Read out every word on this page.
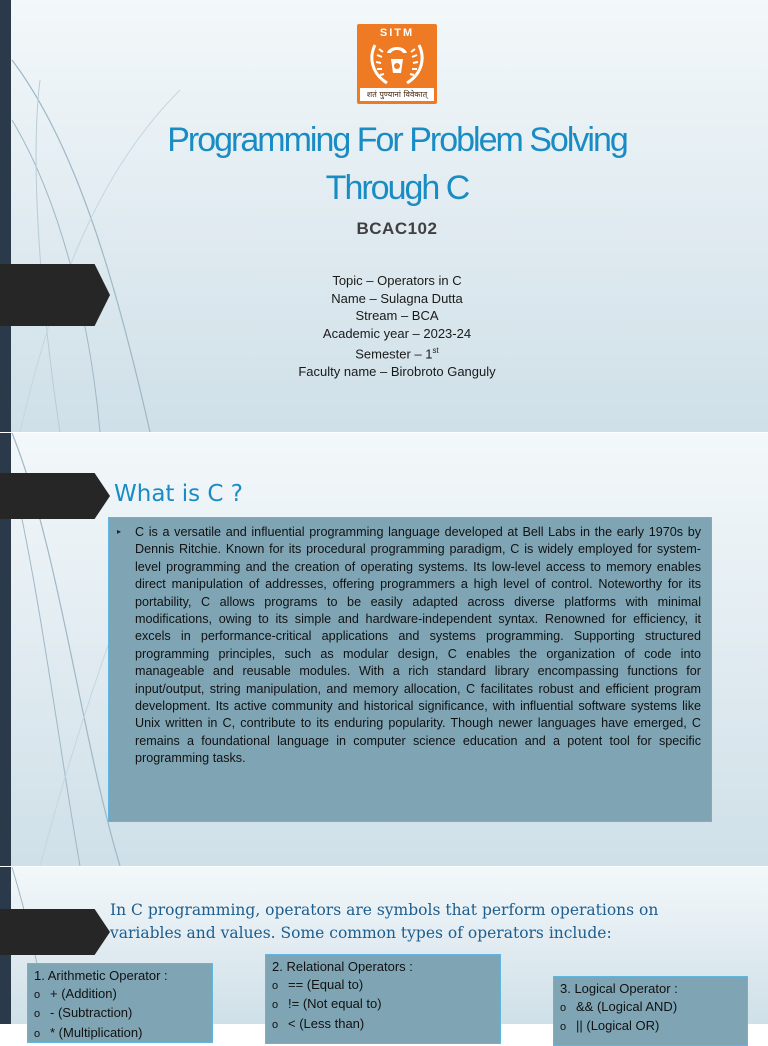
SITM
शतं पुण्यानां विवेकात्
Programming For Problem Solving
Through C
BCAC102
Topic – Operators in C
Name – Sulagna Dutta
Stream – BCA
Academic year – 2023-24
Semester – 1st
Faculty name – Birobroto Ganguly
What is C ?
▸ C is a versatile and influential programming language developed at Bell Labs in the early 1970s by Dennis Ritchie. Known for its procedural programming paradigm, C is widely employed for system-level programming and the creation of operating systems. Its low-level access to memory enables direct manipulation of addresses, offering programmers a high level of control. Noteworthy for its portability, C allows programs to be easily adapted across diverse platforms with minimal modifications, owing to its simple and hardware-independent syntax. Renowned for efficiency, it excels in performance-critical applications and systems programming. Supporting structured programming principles, such as modular design, C enables the organization of code into manageable and reusable modules. With a rich standard library encompassing functions for input/output, string manipulation, and memory allocation, C facilitates robust and efficient program development. Its active community and historical significance, with influential software systems like Unix written in C, contribute to its enduring popularity. Though newer languages have emerged, C remains a foundational language in computer science education and a potent tool for specific programming tasks.

In C programming, operators are symbols that perform operations on variables and values. Some common types of operators include:
1. Arithmetic Operator :
o + (Addition)
o - (Subtraction)
o * (Multiplication)
2. Relational Operators :
o == (Equal to)
o != (Not equal to)
o < (Less than)
3. Logical Operator :
o && (Logical AND)
o || (Logical OR)
